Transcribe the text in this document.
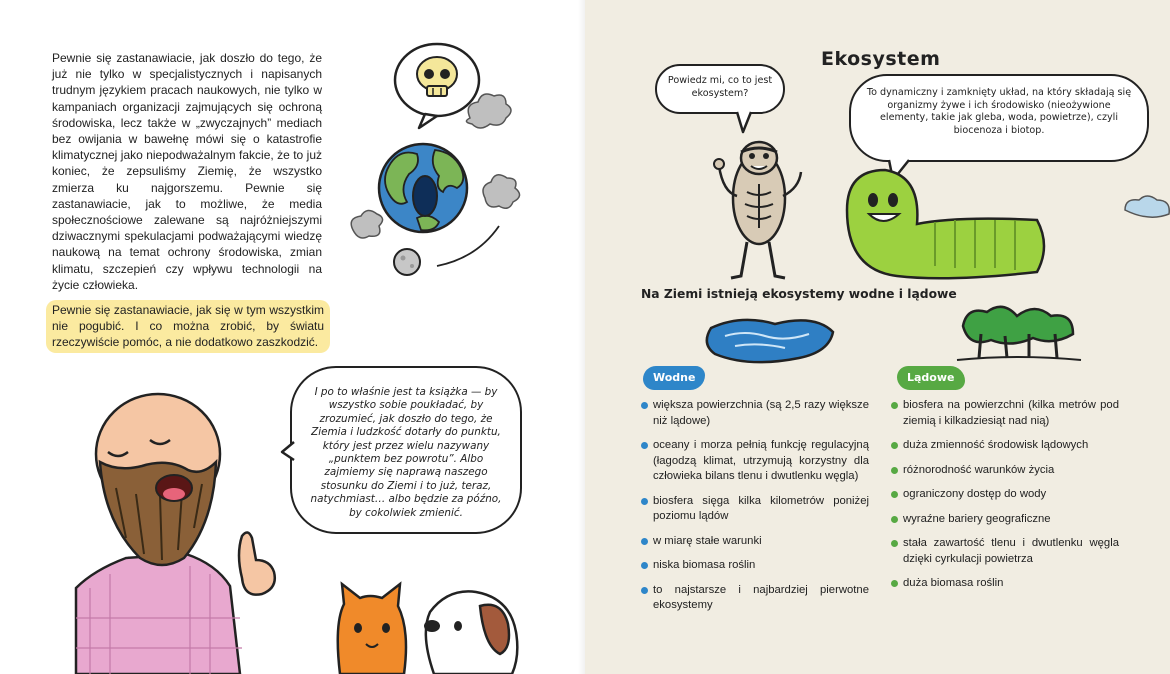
Pewnie się zastanawiacie, jak doszło do tego, że już nie tylko w specjalistycznych i napisanych trudnym językiem pracach naukowych, nie tylko w kampaniach organizacji zajmujących się ochroną środowiska, lecz także w „zwyczajnych” mediach bez owijania w bawełnę mówi się o katastrofie klimatycznej jako niepodważalnym fakcie, że to już koniec, że zepsuliśmy Ziemię, że wszystko zmierza ku najgorszemu. Pewnie się zastanawiacie, jak to możliwe, że media społecznościowe zalewane są najróżniejszymi dziwacznymi spekulacjami podważającymi wiedzę naukową na temat ochrony środowiska, zmian klimatu, szczepień czy wpływu technologii na życie człowieka.

Pewnie się zastanawiacie, jak się w tym wszystkim nie pogubić. I co można zrobić, by światu rzeczywiście pomóc, a nie dodatkowo zaszkodzić.

I po to właśnie jest ta książka — by wszystko sobie poukładać, by zrozumieć, jak doszło do tego, że Ziemia i ludzkość dotarły do punktu, który jest przez wielu nazywany „punktem bez powrotu”. Albo zajmiemy się naprawą naszego stosunku do Ziemi i to już, teraz, natychmiast… albo będzie za późno, by cokolwiek zmienić.

Ekosystem

Powiedz mi, co to jest ekosystem?	To dynamiczny i zamknięty układ, na który składają się organizmy żywe i ich środowisko (nieożywione elementy, takie jak gleba, woda, powietrze), czyli biocenoza i biotop.

Na Ziemi istnieją ekosystemy wodne i lądowe
Wodne	Lądowe
większa powierzchnia (są 2,5 razy większe niż lądowe)
oceany i morza pełnią funkcję regulacyjną (łagodzą klimat, utrzymują korzystny dla człowieka bilans tlenu i dwutlenku węgla)
biosfera sięga kilka kilometrów poniżej poziomu lądów
w miarę stałe warunki
niska biomasa roślin
to najstarsze i najbardziej pierwotne ekosystemy
biosfera na powierzchni (kilka metrów pod ziemią i kilkadziesiąt nad nią)
duża zmienność środowisk lądowych
różnorodność warunków życia
ograniczony dostęp do wody
wyraźne bariery geograficzne
stała zawartość tlenu i dwutlenku węgla dzięki cyrkulacji powietrza
duża biomasa roślin
